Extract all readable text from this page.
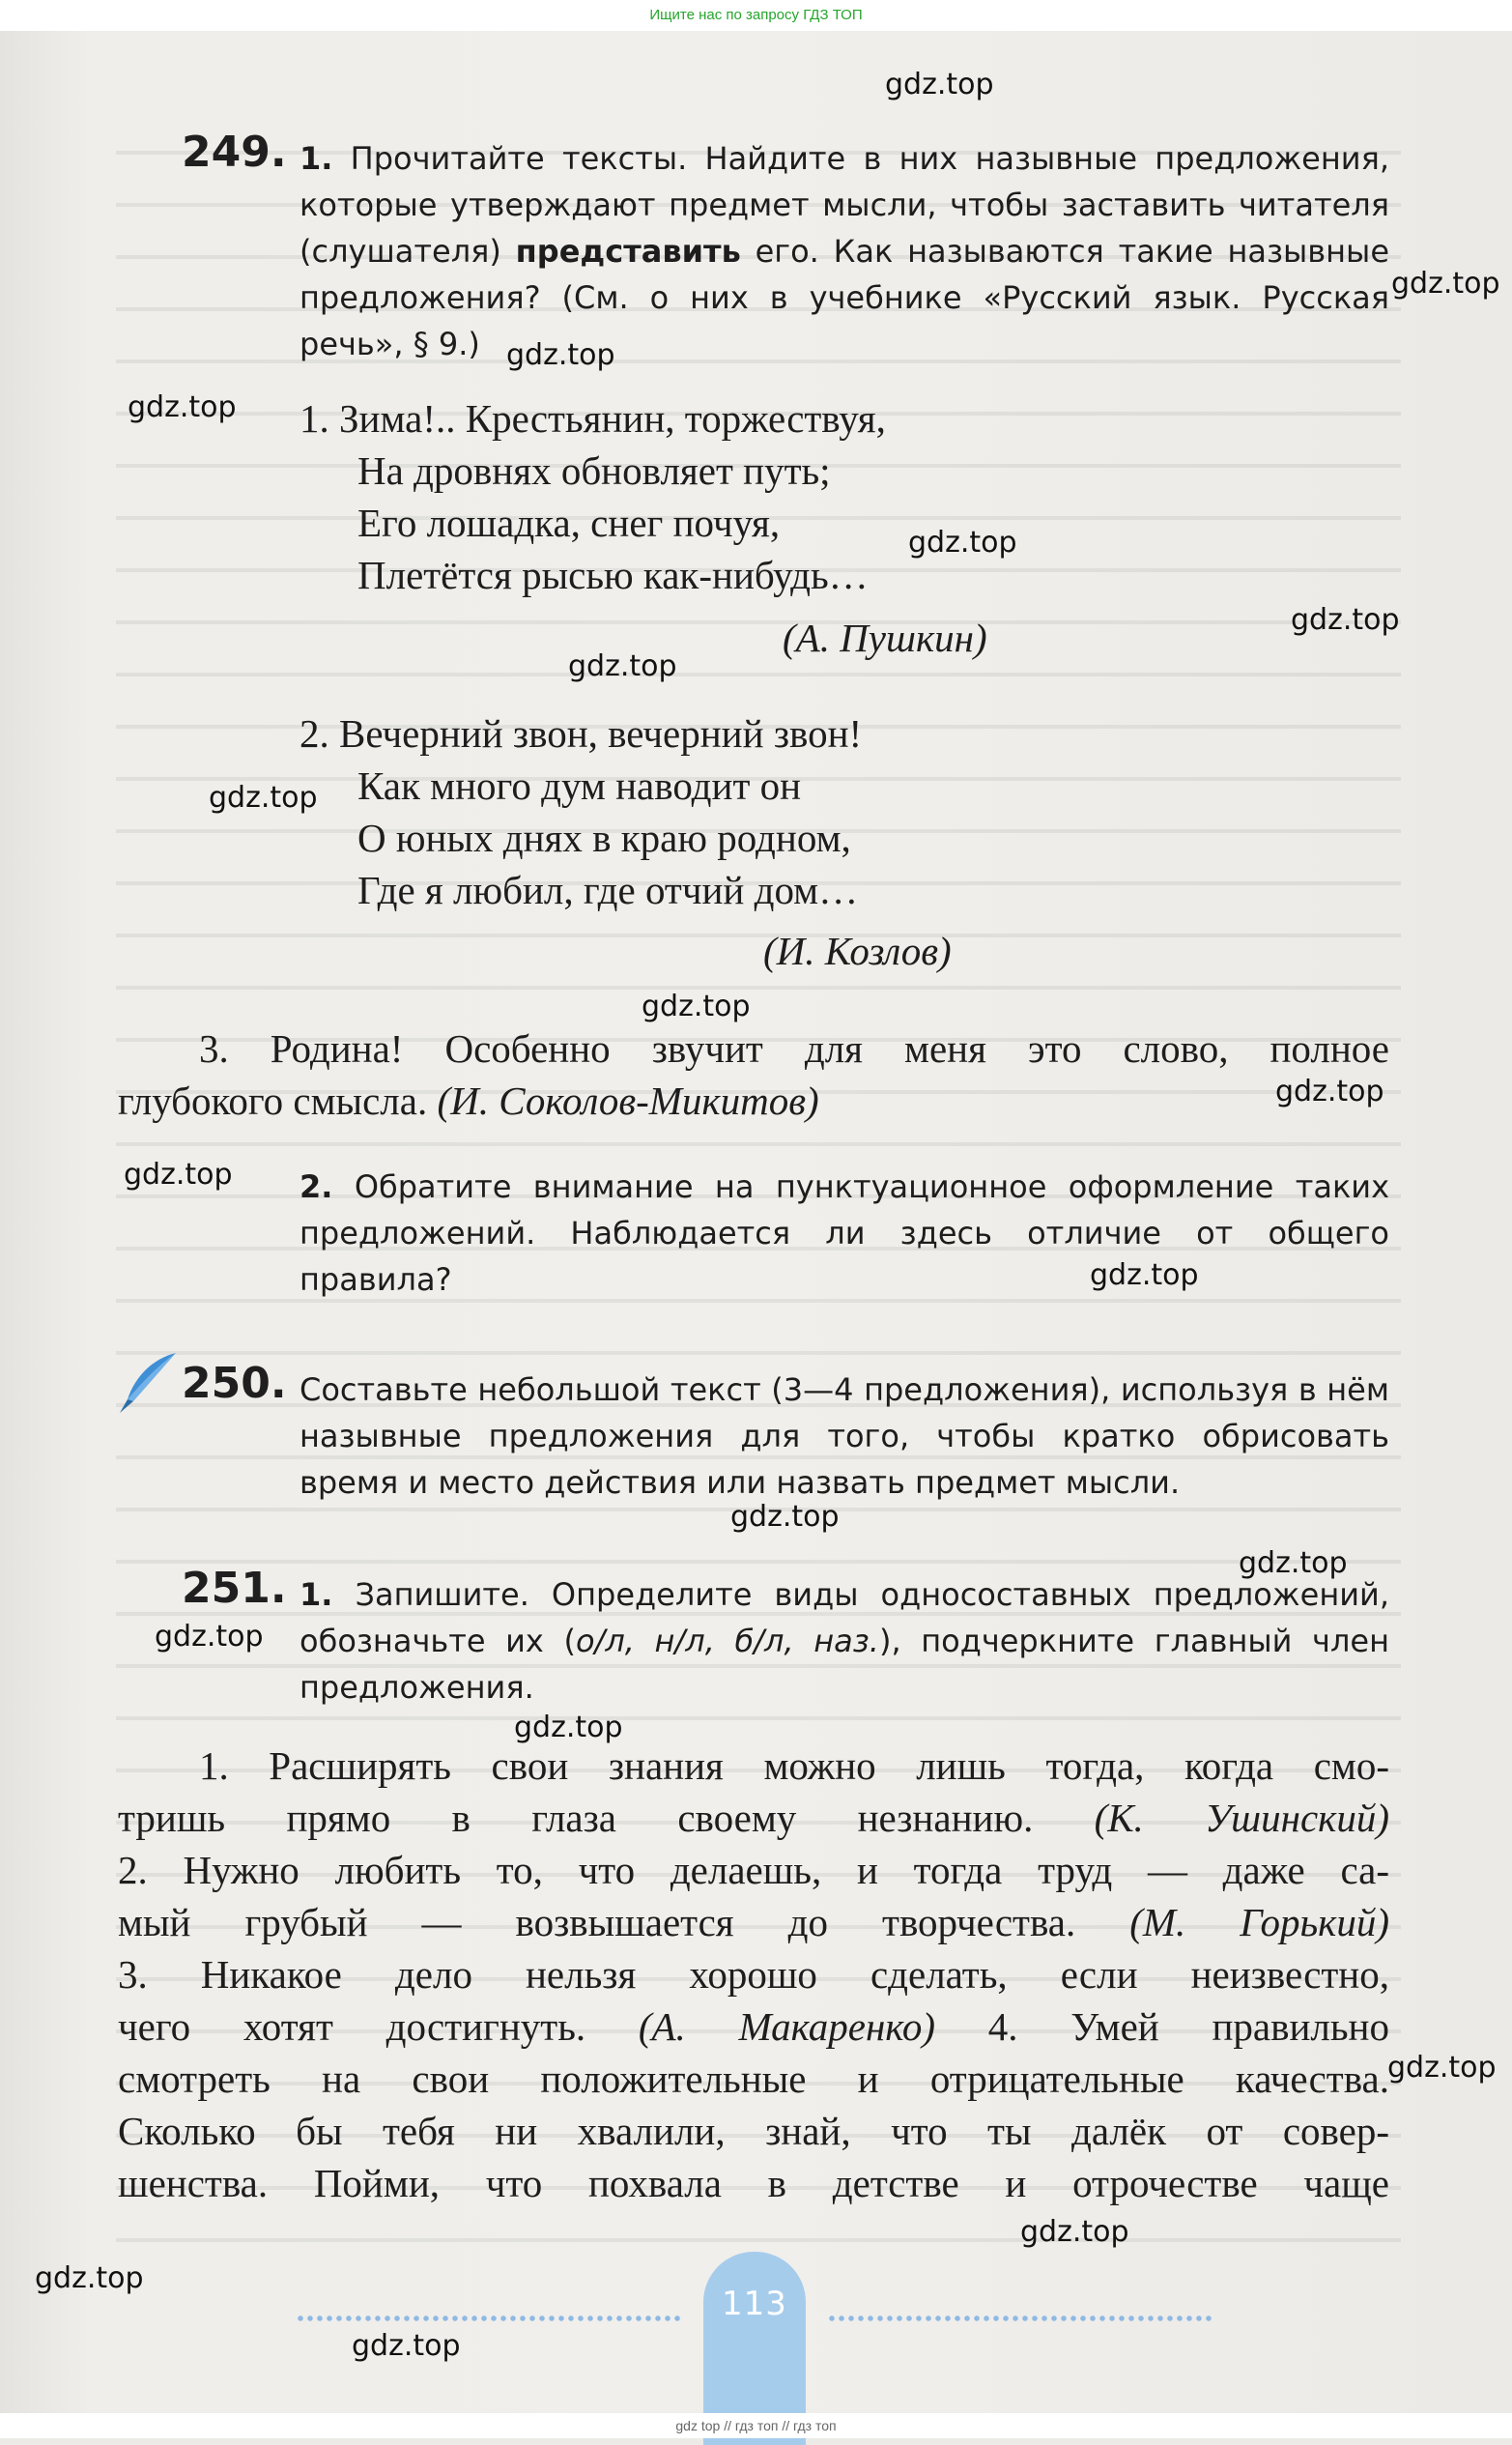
Ищите нас по запросу ГДЗ ТОП
249. 1. Прочитайте тексты. Найдите в них назывные предложения, которые утверждают предмет мысли, чтобы заставить читателя (слушателя) представить его. Как называются такие назывные предложения? (См. о них в учебнике «Русский язык. Русская речь», § 9.)
1. Зима!.. Крестьянин, торжествуя,
На дровнях обновляет путь;
Его лошадка, снег почуя,
Плетётся рысью как-нибудь…
(А. Пушкин)
2. Вечерний звон, вечерний звон!
Как много дум наводит он
О юных днях в краю родном,
Где я любил, где отчий дом…
(И. Козлов)
3. Родина! Особенно звучит для меня это слово, полное
глубокого смысла. (И. Соколов-Микитов)
2. Обратите внимание на пунктуационное оформление таких предложений. Наблюдается ли здесь отличие от общего правила?
250. Составьте небольшой текст (3—4 предложения), используя в нём назывные предложения для того, чтобы кратко обрисовать время и место действия или назвать предмет мысли.
251. 1. Запишите. Определите виды односоставных предложений, обозначьте их (о/л, н/л, б/л, наз.), подчеркните главный член предложения.
1. Расширять свои знания можно лишь тогда, когда смо-
тришь прямо в глаза своему незнанию. (К. Ушинский)
2. Нужно любить то, что делаешь, и тогда труд — даже са-
мый грубый — возвышается до творчества. (М. Горький)
3. Никакое дело нельзя хорошо сделать, если неизвестно,
чего хотят достигнуть. (А. Макаренко) 4. Умей правильно
смотреть на свои положительные и отрицательные качества.
Сколько бы тебя ни хвалили, знай, что ты далёк от совер-
шенства. Пойми, что похвала в детстве и отрочестве чаще
113
gdz.top
gdz.top
gdz.top
gdz.top
gdz.top
gdz.top
gdz.top
gdz.top
gdz.top
gdz.top
gdz.top
gdz.top
gdz.top
gdz.top
gdz.top
gdz.top
gdz.top
gdz.top
gdz.top
gdz.top
gdz top // гдз топ // гдз топ
